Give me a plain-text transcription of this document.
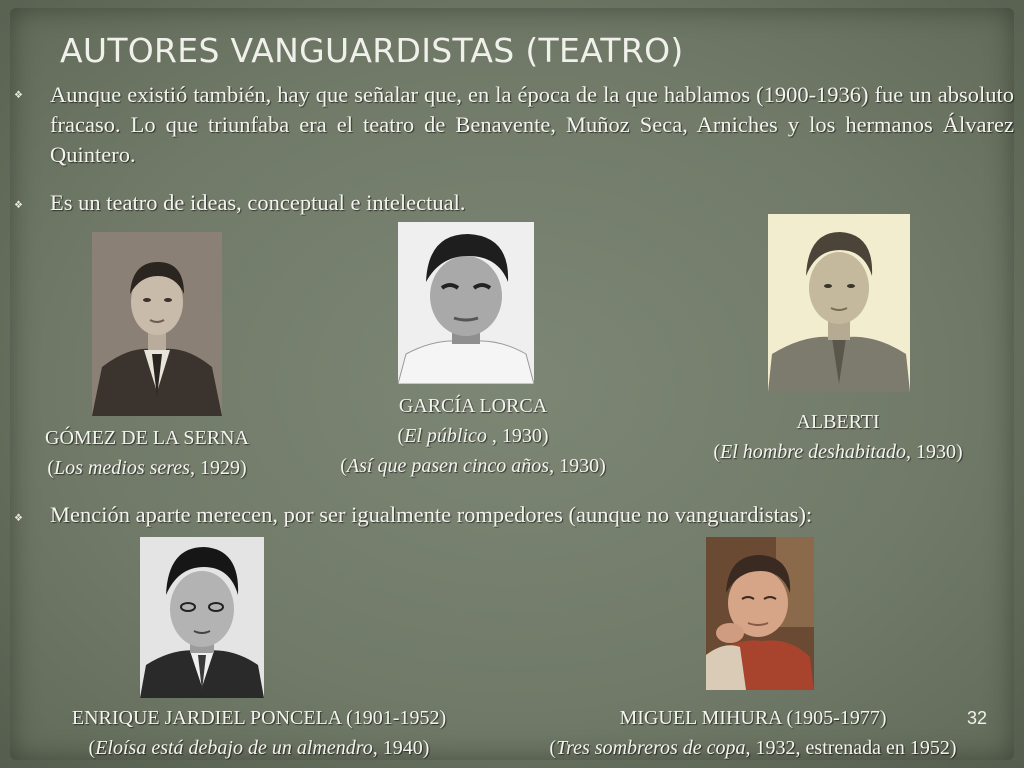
AUTORES VANGUARDISTAS (TEATRO)
❖ Aunque existió también, hay que señalar que, en la época de la que hablamos (1900-1936) fue un absoluto fracaso. Lo que triunfaba era el teatro de Benavente, Muñoz Seca, Arniches y los hermanos Álvarez Quintero.
❖ Es un teatro de ideas, conceptual e intelectual.
GÓMEZ DE LA SERNA
(Los medios seres, 1929)
GARCÍA LORCA
(El público , 1930)
(Así que pasen cinco años, 1930)
ALBERTI
(El hombre deshabitado, 1930)
❖ Mención aparte merecen, por ser igualmente rompedores (aunque no vanguardistas):
ENRIQUE JARDIEL PONCELA (1901-1952)
(Eloísa está debajo de un almendro, 1940)
MIGUEL MIHURA (1905-1977)
(Tres sombreros de copa, 1932, estrenada en 1952)
32
